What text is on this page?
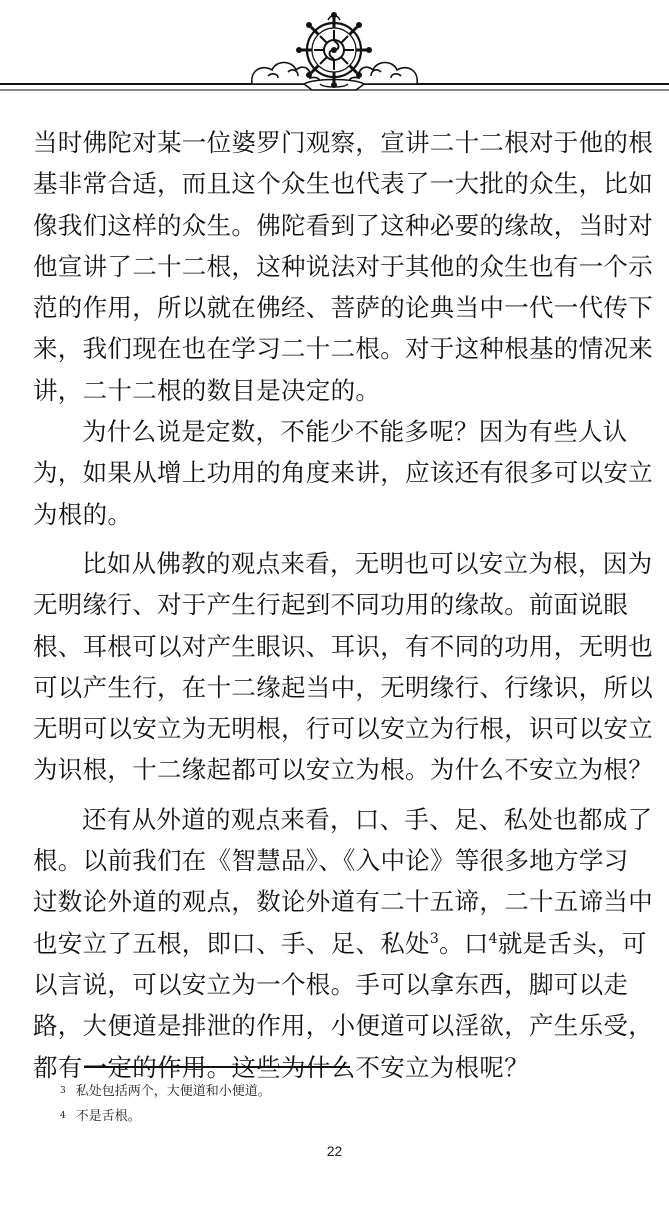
当时佛陀对某一位婆罗门观察，宣讲二十二根对于他的根基非常合适，而且这个众生也代表了一大批的众生，比如像我们这样的众生。佛陀看到了这种必要的缘故，当时对他宣讲了二十二根，这种说法对于其他的众生也有一个示范的作用，所以就在佛经、菩萨的论典当中一代一代传下来，我们现在也在学习二十二根。对于这种根基的情况来讲，二十二根的数目是决定的。

为什么说是定数，不能少不能多呢？因为有些人认为，如果从增上功用的角度来讲，应该还有很多可以安立为根的。

比如从佛教的观点来看，无明也可以安立为根，因为无明缘行、对于产生行起到不同功用的缘故。前面说眼根、耳根可以对产生眼识、耳识，有不同的功用，无明也可以产生行，在十二缘起当中，无明缘行、行缘识，所以无明可以安立为无明根，行可以安立为行根，识可以安立为识根，十二缘起都可以安立为根。为什么不安立为根？

还有从外道的观点来看，口、手、足、私处也都成了根。以前我们在《智慧品》、《入中论》等很多地方学习过数论外道的观点，数论外道有二十五谛，二十五谛当中也安立了五根，即口、手、足、私处$^3$。口$^4$就是舌头，可以言说，可以安立为一个根。手可以拿东西，脚可以走路，大便道是排泄的作用，小便道可以淫欲，产生乐受，都有一定的作用。这些为什么不安立为根呢？

$^3$ 私处包括两个，大便道和小便道。
$^4$ 不是舌根。
22
